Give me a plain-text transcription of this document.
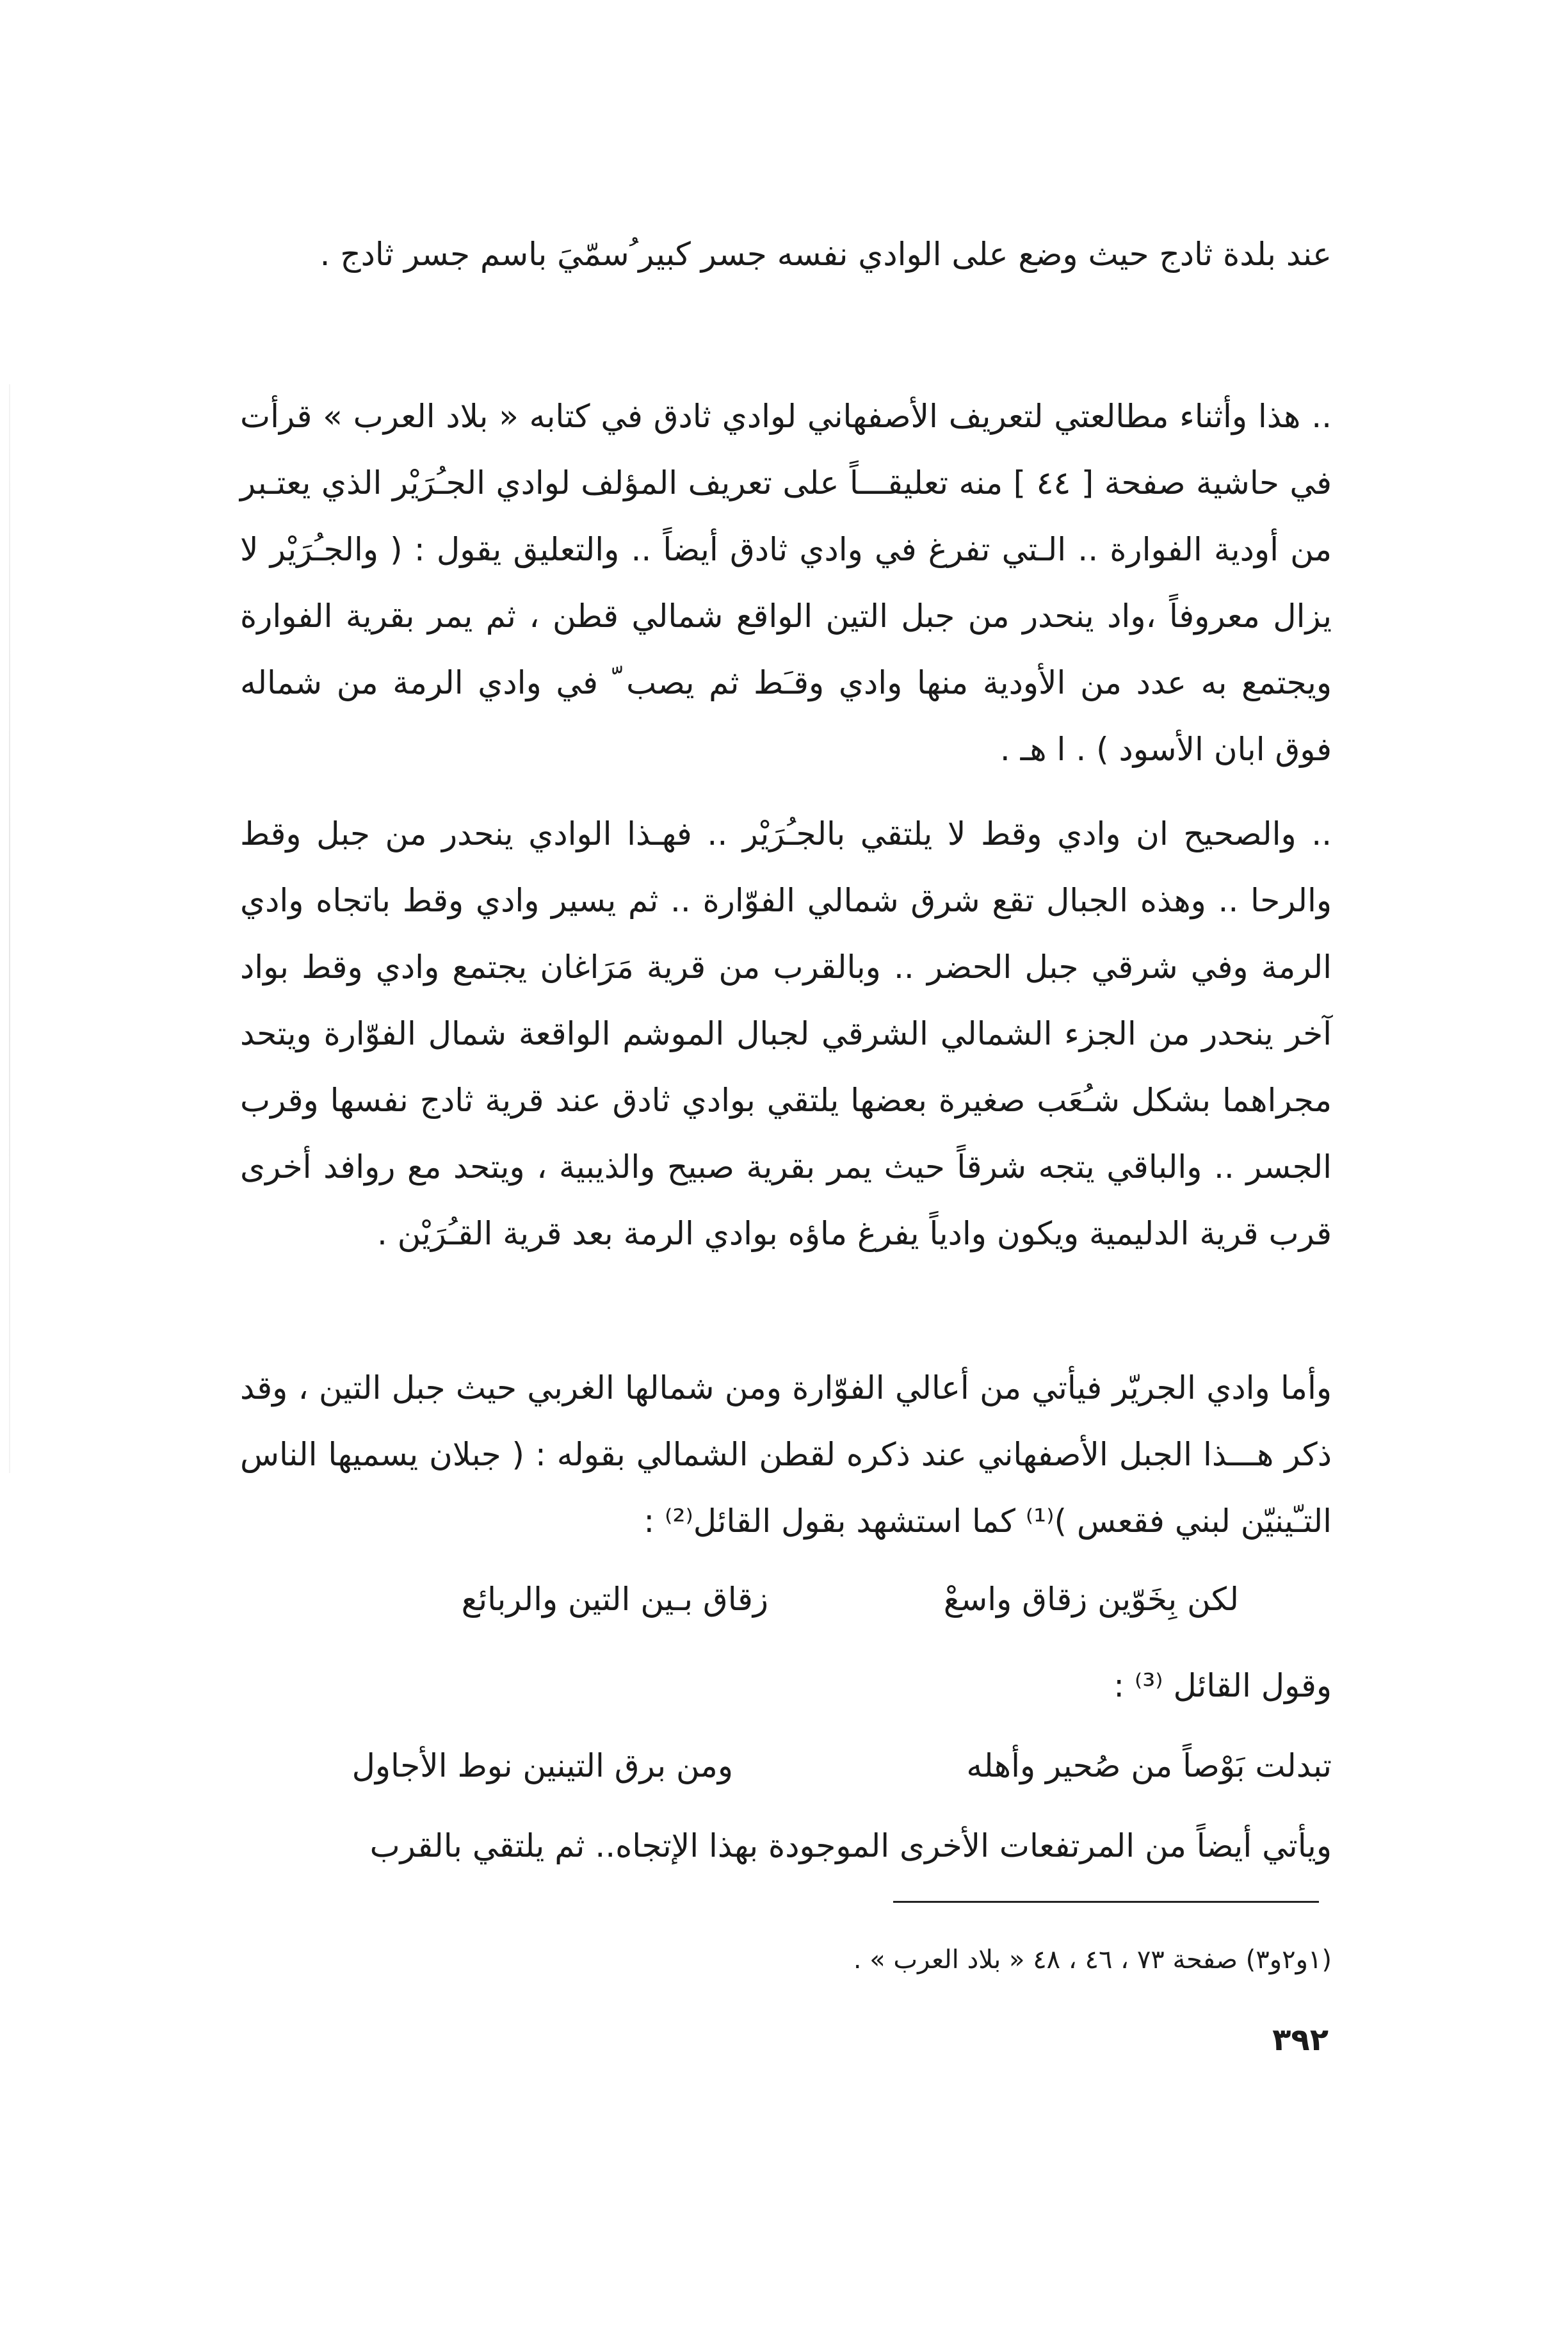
عند بلدة ثادج حيث وضع على الوادي نفسه جسر كبير ُسمّيَ باسم جسر ثادج .

.. هذا وأثناء مطالعتي لتعريف الأصفهاني لوادي ثادق في كتابه « بلاد العرب » قرأت في حاشية صفحة [ ٤٤ ] منه تعليقـــاً على تعريف المؤلف لوادي الجـُرَيْر الذي يعتـبر من أودية الفوارة .. الـتي تفرغ في وادي ثادق أيضاً .. والتعليق يقول : ( والجـُرَيْر لا يزال معروفاً ،واد ينحدر من جبل التين الواقع شمالي قطن ، ثم يمر بقرية الفوارة ويجتمع به عدد من الأودية منها وادي وقـَط ثم يصب ّ في وادي الرمة من شماله فوق ابان الأسود ) . ا هـ .

.. والصحيح ان وادي وقط لا يلتقي بالجـُرَيْر .. فهـذا الوادي ينحدر من جبل وقط والرحا .. وهذه الجبال تقع شرق شمالي الفوّارة .. ثم يسير وادي وقط باتجاه وادي الرمة وفي شرقي جبل الحضر .. وبالقرب من قرية مَرَاغان يجتمع وادي وقط بواد آخر ينحدر من الجزء الشمالي الشرقي لجبال الموشم الواقعة شمال الفوّارة ويتحد مجراهما بشكل شـُعَب صغيرة بعضها يلتقي بوادي ثادق عند قرية ثادج نفسها وقرب الجسر .. والباقي يتجه شرقاً حيث يمر بقرية صبيح والذيبية ، ويتحد مع روافد أخرى قرب قرية الدليمية ويكون وادياً يفرغ ماؤه بوادي الرمة بعد قرية القـُرَيْن .

وأما وادي الجريّر فيأتي من أعالي الفوّارة ومن شمالها الغربي حيث جبل التين ، وقد ذكر هـــذا الجبل الأصفهاني عند ذكره لقطن الشمالي بقوله : ( جبلان يسميها الناس التـّينيّن لبني فقعس )⁽¹⁾ كما استشهد بقول القائل⁽²⁾ :

لكن بِخَوّين زقاق واسعْ
زقاق بـين التين والربائع
وقول القائل ⁽³⁾ :
تبدلت بَوْصاً من صُحير وأهله
ومن برق التينين نوط الأجاول

ويأتي أيضاً من المرتفعات الأخرى الموجودة بهذا الإتجاه.. ثم يلتقي بالقرب

(١و٢و٣) صفحة ٧٣ ، ٤٦ ، ٤٨ « بلاد العرب » .
٣٩٢
